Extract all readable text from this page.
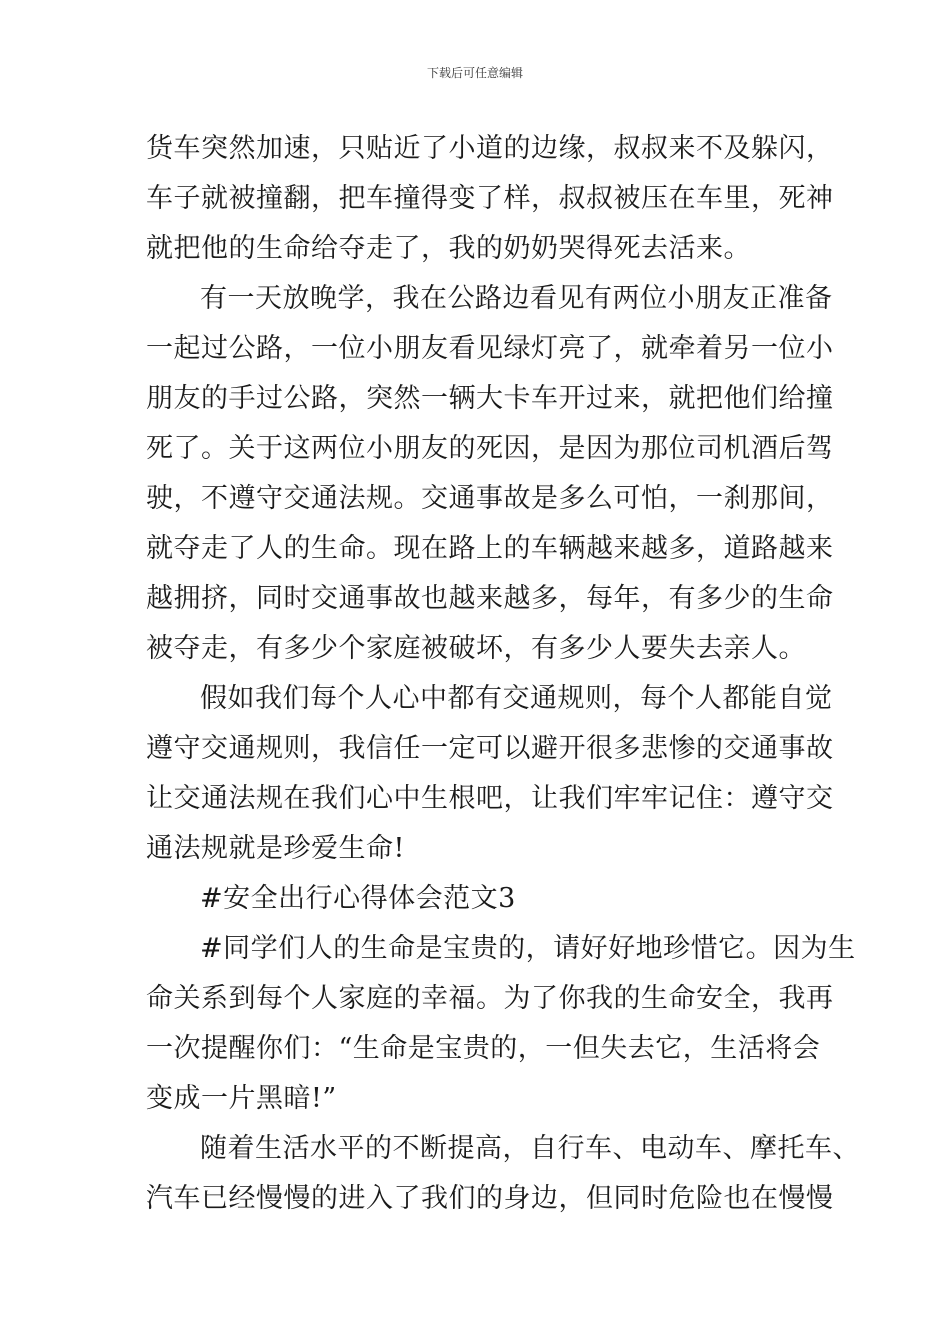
下载后可任意编辑
货车突然加速，只贴近了小道的边缘，叔叔来不及躲闪，
车子就被撞翻，把车撞得变了样，叔叔被压在车里，死神
就把他的生命给夺走了，我的奶奶哭得死去活来。
有一天放晚学，我在公路边看见有两位小朋友正准备
一起过公路，一位小朋友看见绿灯亮了，就牵着另一位小
朋友的手过公路，突然一辆大卡车开过来，就把他们给撞
死了。关于这两位小朋友的死因，是因为那位司机酒后驾
驶，不遵守交通法规。交通事故是多么可怕，一刹那间，
就夺走了人的生命。现在路上的车辆越来越多，道路越来
越拥挤，同时交通事故也越来越多，每年，有多少的生命
被夺走，有多少个家庭被破坏，有多少人要失去亲人。
假如我们每个人心中都有交通规则，每个人都能自觉
遵守交通规则，我信任一定可以避开很多悲惨的交通事故
让交通法规在我们心中生根吧，让我们牢牢记住：遵守交
通法规就是珍爱生命!
#安全出行心得体会范文3
#同学们人的生命是宝贵的，请好好地珍惜它。因为生
命关系到每个人家庭的幸福。为了你我的生命安全，我再
一次提醒你们：“生命是宝贵的，一但失去它，生活将会
变成一片黑暗!”
随着生活水平的不断提高，自行车、电动车、摩托车、
汽车已经慢慢的进入了我们的身边，但同时危险也在慢慢
